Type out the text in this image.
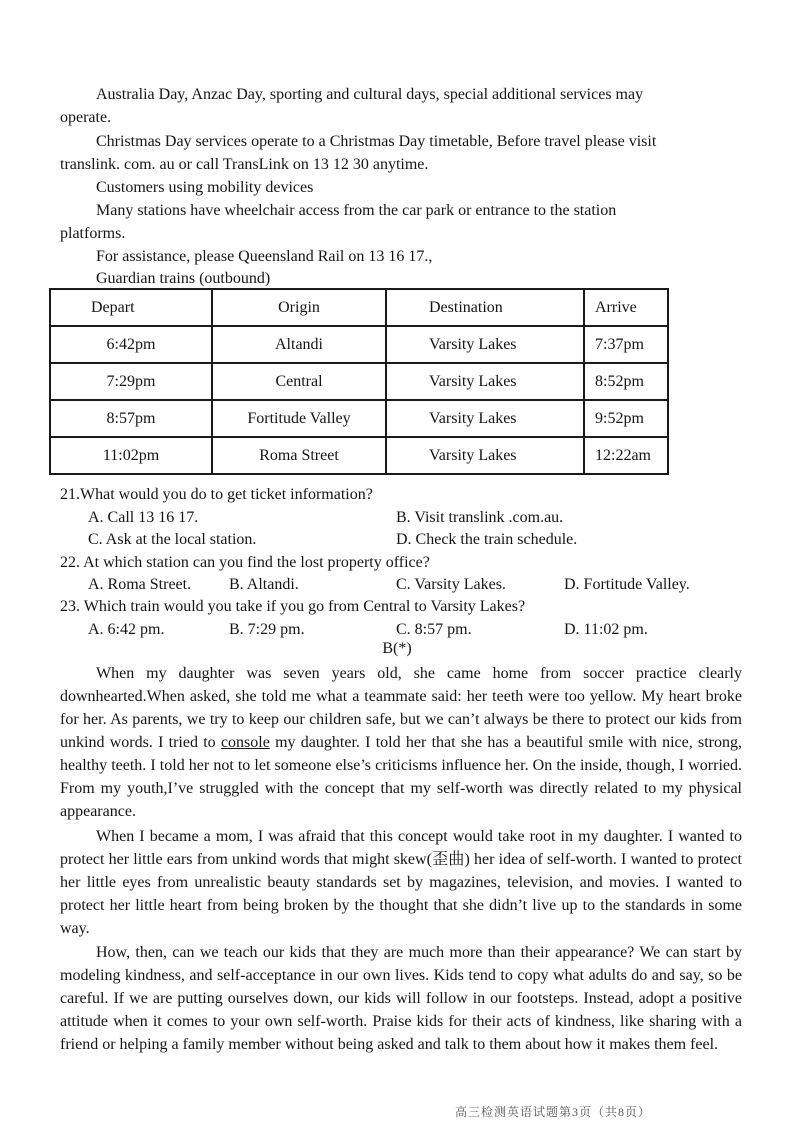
Australia Day, Anzac Day, sporting and cultural days, special additional services may
operate.
Christmas Day services operate to a Christmas Day timetable, Before travel please visit
translink. com. au or call TransLink on 13 12 30 anytime.
Customers using mobility devices
Many stations have wheelchair access from the car park or entrance to the station
platforms.
For assistance, please Queensland Rail on 13 16 17.,
Guardian trains (outbound)
Depart	Origin	Destination	Arrive
6:42pm	Altandi	Varsity Lakes	7:37pm
7:29pm	Central	Varsity Lakes	8:52pm
8:57pm	Fortitude Valley	Varsity Lakes	9:52pm
11:02pm	Roma Street	Varsity Lakes	12:22am
21.What would you do to get ticket information?
A. Call 13 16 17.	B. Visit translink .com.au.
C. Ask at the local station.	D. Check the train schedule.
22. At which station can you find the lost property office?
A. Roma Street. B. Altandi.	C. Varsity Lakes.	D. Fortitude Valley.
23. Which train would you take if you go from Central to Varsity Lakes?
A. 6:42 pm.	B. 7:29 pm.	C. 8:57 pm.	D. 11:02 pm.
B(*)

When my daughter was seven years old, she came home from soccer practice clearly downhearted.When asked, she told me what a teammate said: her teeth were too yellow. My heart broke for her. As parents, we try to keep our children safe, but we can’t always be there to protect our kids from unkind words. I tried to console my daughter. I told her that she has a beautiful smile with nice, strong, healthy teeth. I told her not to let someone else’s criticisms influence her. On the inside, though, I worried. From my youth,I’ve struggled with the concept that my self-worth was directly related to my physical appearance.

When I became a mom, I was afraid that this concept would take root in my daughter. I wanted to protect her little ears from unkind words that might skew(歪曲) her idea of self-worth. I wanted to protect her little eyes from unrealistic beauty standards set by magazines, television, and movies. I wanted to protect her little heart from being broken by the thought that she didn’t live up to the standards in some way.

How, then, can we teach our kids that they are much more than their appearance? We can start by modeling kindness, and self-acceptance in our own lives. Kids tend to copy what adults do and say, so be careful. If we are putting ourselves down, our kids will follow in our footsteps. Instead, adopt a positive attitude when it comes to your own self-worth. Praise kids for their acts of kindness, like sharing with a friend or helping a family member without being asked and talk to them about how it makes them feel.

高三检测英语试题第3页（共8页）
